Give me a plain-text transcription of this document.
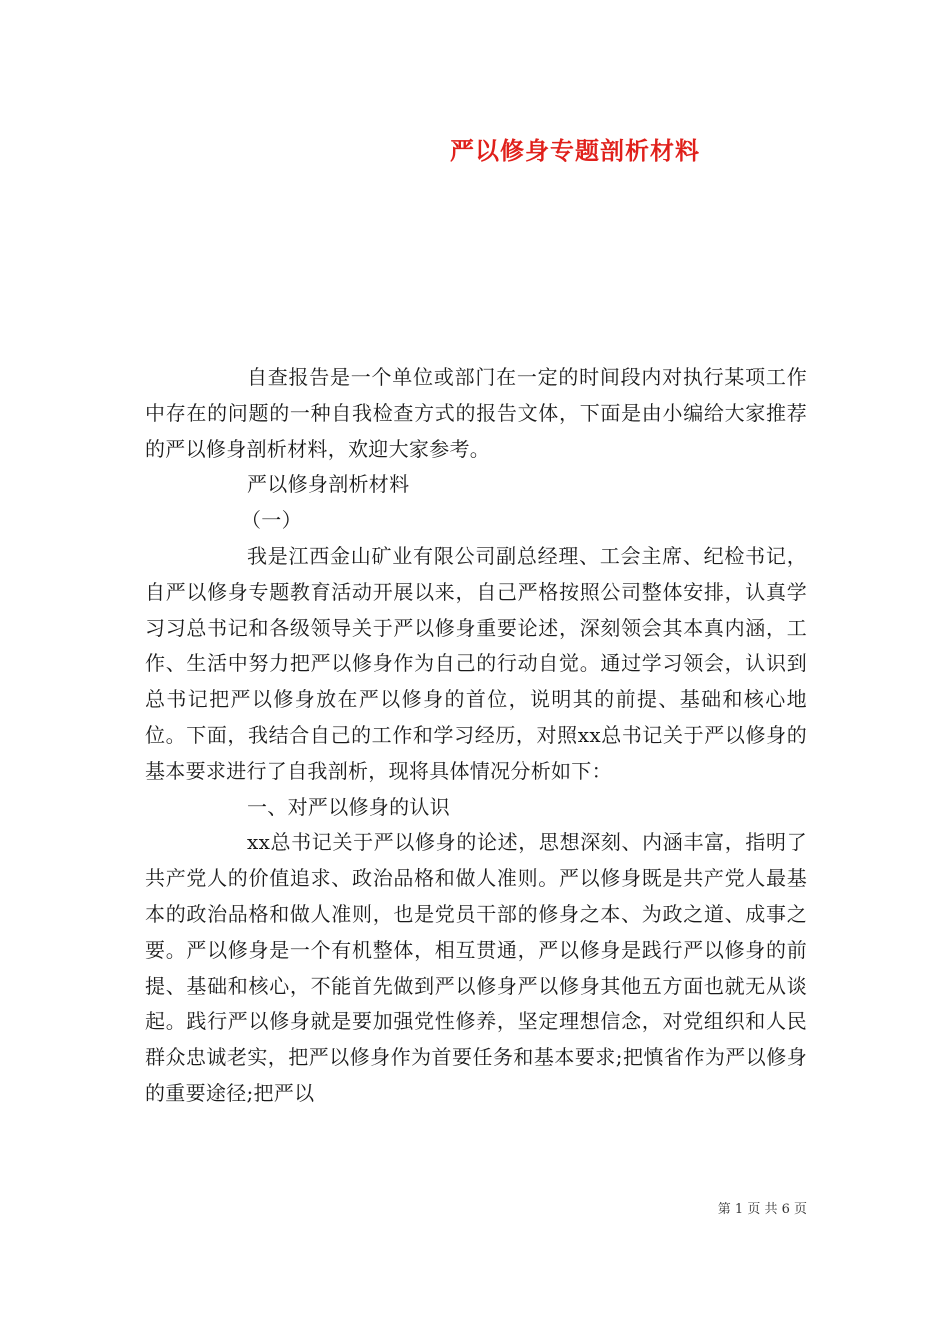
严以修身专题剖析材料

自查报告是一个单位或部门在一定的时间段内对执行某项工作中存在的问题的一种自我检查方式的报告文体，下面是由小编给大家推荐的严以修身剖析材料，欢迎大家参考。

严以修身剖析材料

（一）

我是江西金山矿业有限公司副总经理、工会主席、纪检书记，自严以修身专题教育活动开展以来，自己严格按照公司整体安排，认真学习习总书记和各级领导关于严以修身重要论述，深刻领会其本真内涵，工作、生活中努力把严以修身作为自己的行动自觉。通过学习领会，认识到总书记把严以修身放在严以修身的首位，说明其的前提、基础和核心地位。下面，我结合自己的工作和学习经历，对照xx总书记关于严以修身的基本要求进行了自我剖析，现将具体情况分析如下：

一、对严以修身的认识

xx总书记关于严以修身的论述，思想深刻、内涵丰富，指明了共产党人的价值追求、政治品格和做人准则。严以修身既是共产党人最基本的政治品格和做人准则，也是党员干部的修身之本、为政之道、成事之要。严以修身是一个有机整体，相互贯通，严以修身是践行严以修身的前提、基础和核心，不能首先做到严以修身严以修身其他五方面也就无从谈起。践行严以修身就是要加强党性修养，坚定理想信念，对党组织和人民群众忠诚老实，把严以修身作为首要任务和基本要求;把慎省作为严以修身的重要途径;把严以

第 1 页 共 6 页
